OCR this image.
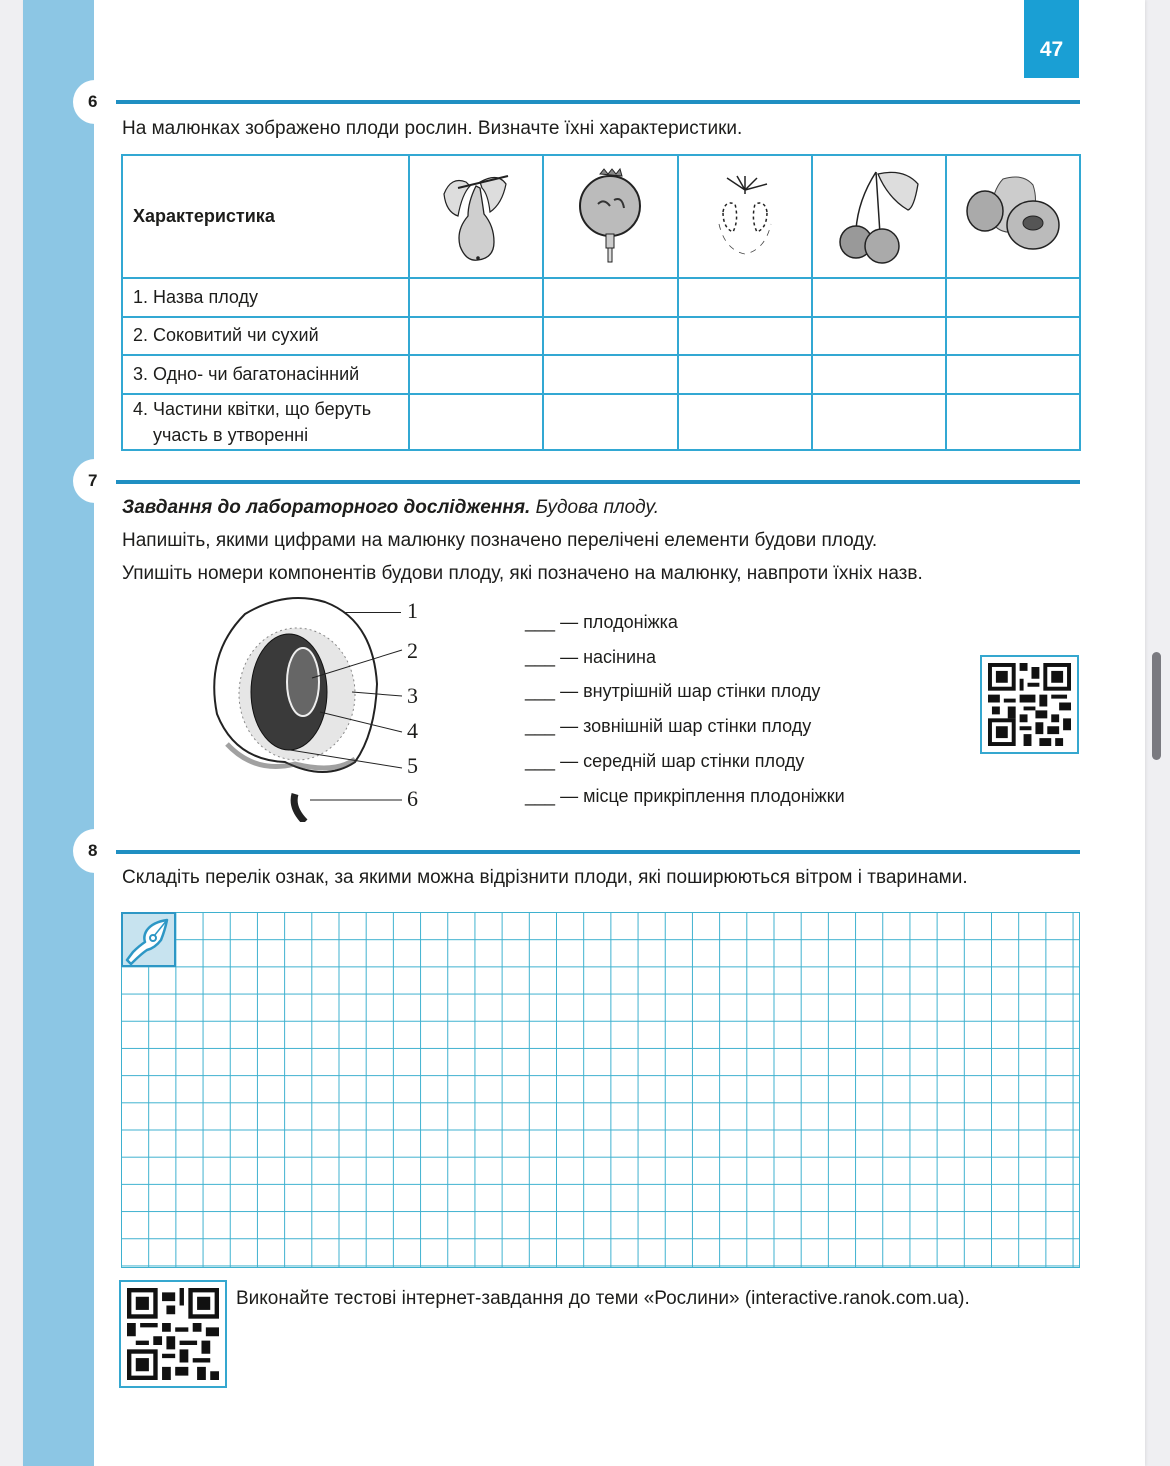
47
6
На малюнках зображено плоди рослин. Визначте їхні характеристики.
Характеристика					
1. Назва плоду					
2. Соковитий чи сухий					
3. Одно- чи багатонасінний					
4. Частини квітки, що беруть
участь в утворенні					

7
Завдання до лабораторного дослідження. Будова плоду.
Напишіть, якими цифрами на малюнку позначено перелічені елементи будови плоду.
Упишіть номери компонентів будови плоду, які позначено на малюнку, навпроти їхніх назв.
1
2
3
4
5
6
___ — плодоніжка
___ — насінина
___ — внутрішній шар стінки плоду
___ — зовнішній шар стінки плоду
___ — середній шар стінки плоду
___ — місце прикріплення плодоніжки
8
Складіть перелік ознак, за якими можна відрізнити плоди, які поширюються вітром і тваринами.
Виконайте тестові інтернет-завдання до теми «Рослини» (interactive.ranok.com.ua).
